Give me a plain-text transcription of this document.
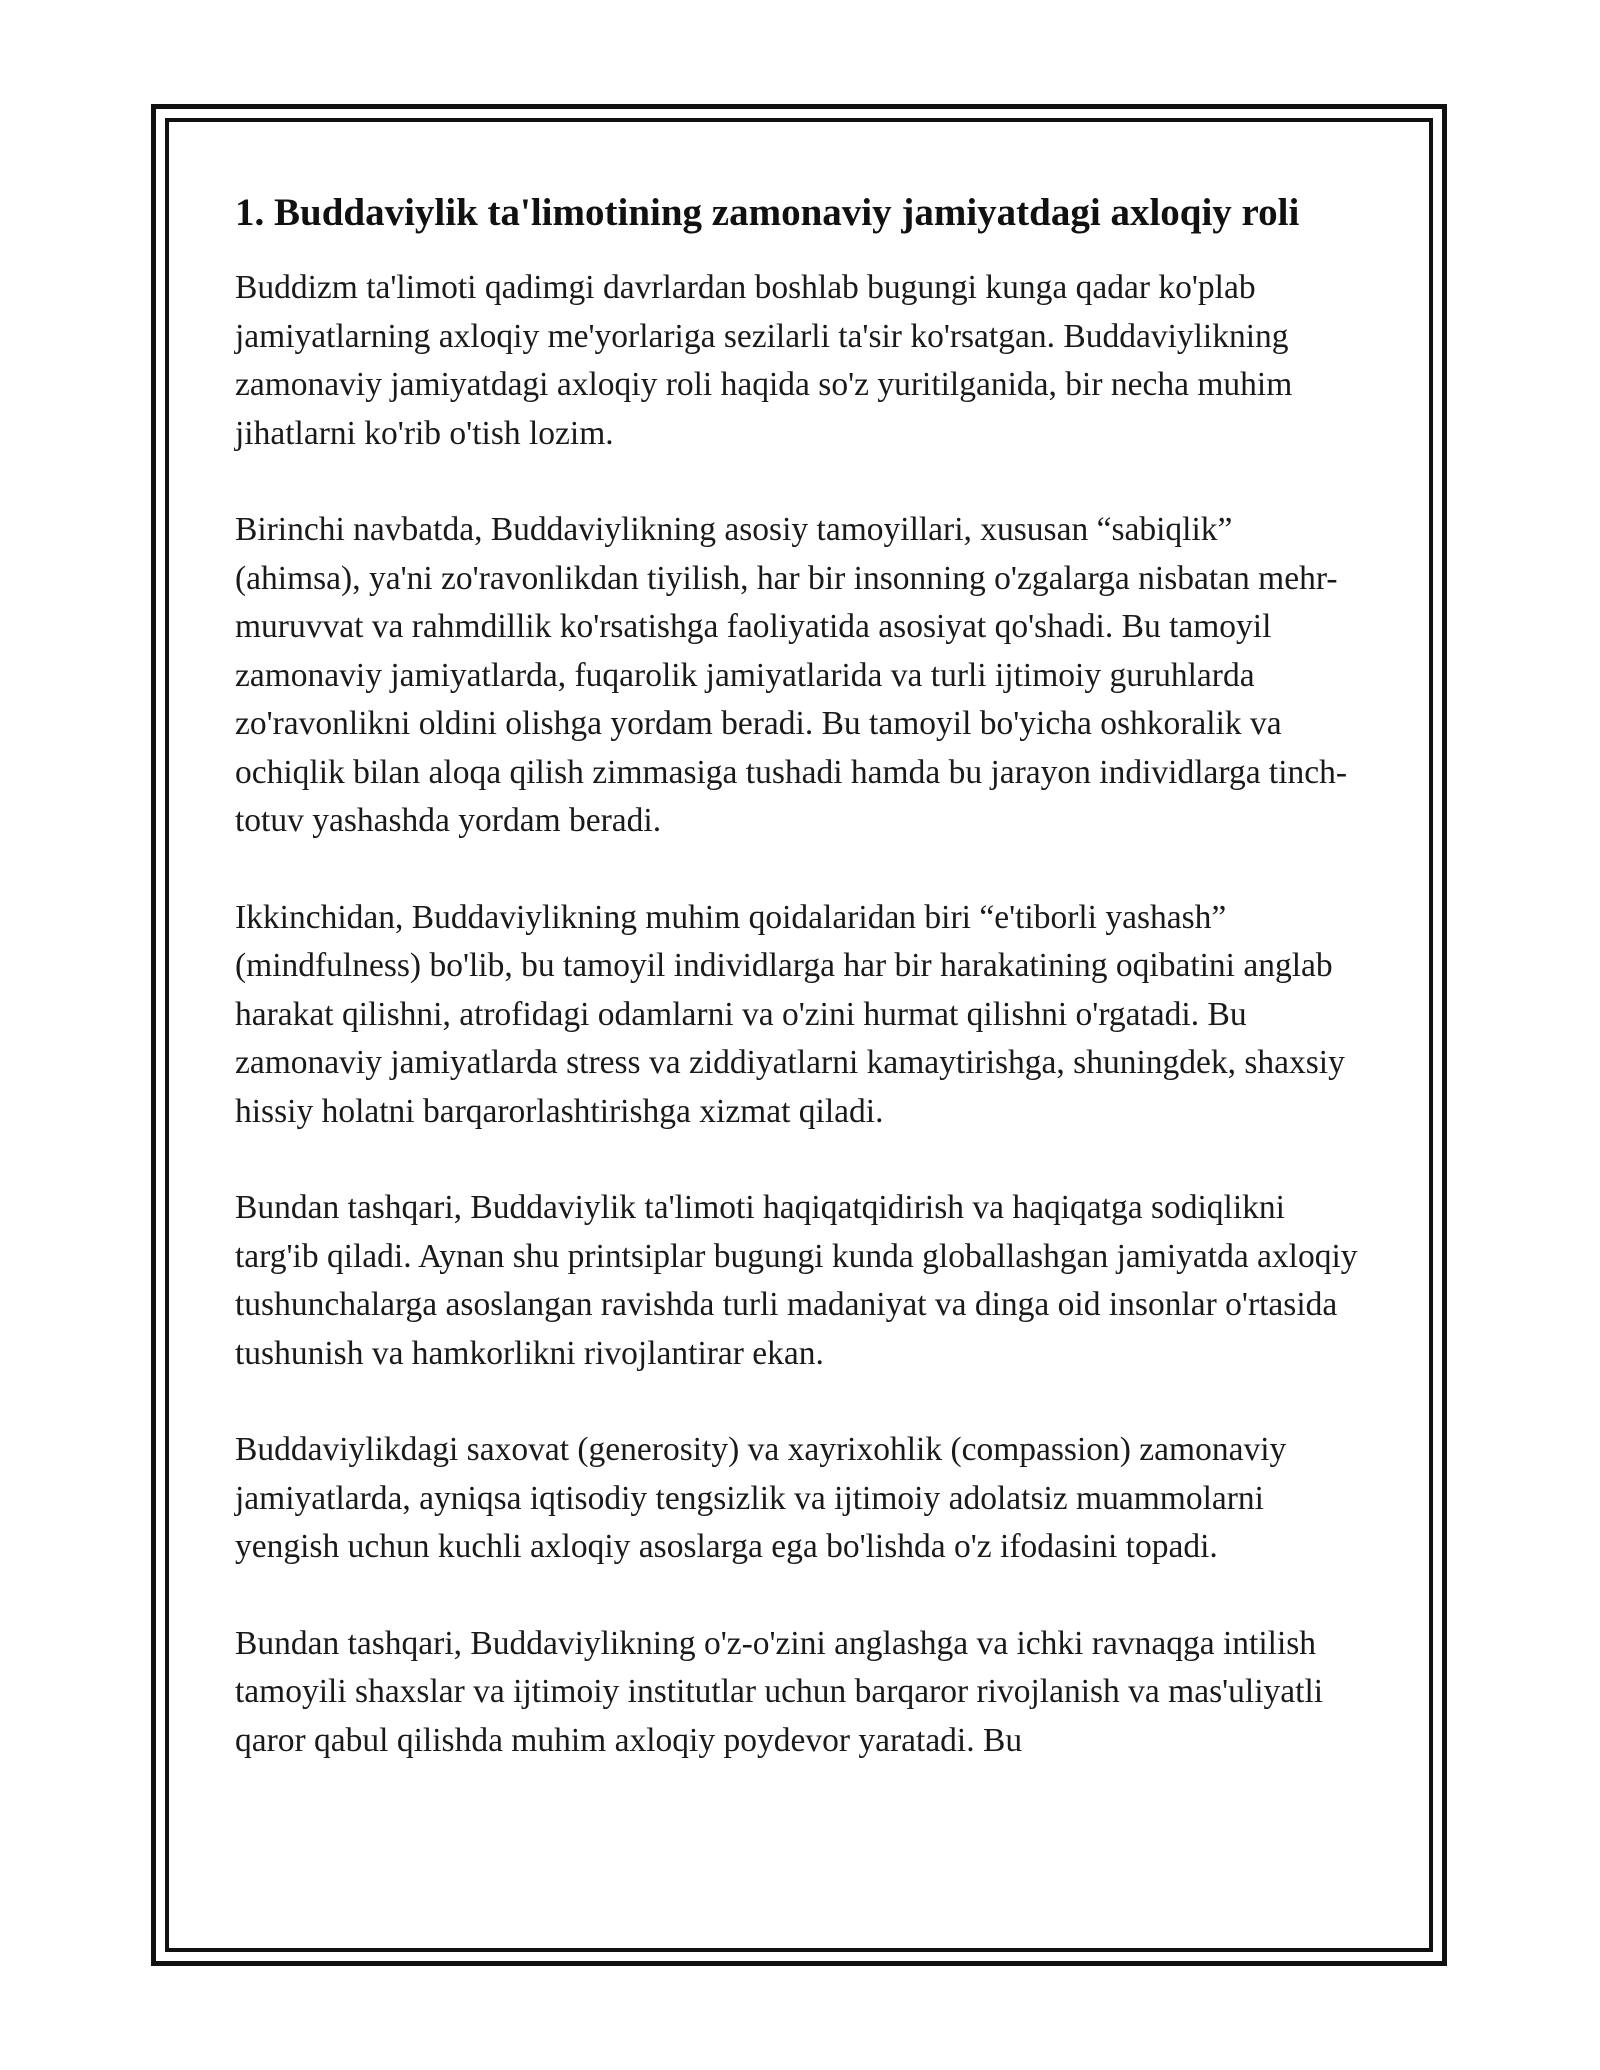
1. Buddaviylik ta'limotining zamonaviy jamiyatdagi axloqiy roli

Buddizm ta'limoti qadimgi davrlardan boshlab bugungi kunga qadar ko'plab jamiyatlarning axloqiy me'yorlariga sezilarli ta'sir ko'rsatgan. Buddaviylikning zamonaviy jamiyatdagi axloqiy roli haqida so'z yuritilganida, bir necha muhim jihatlarni ko'rib o'tish lozim.

Birinchi navbatda, Buddaviylikning asosiy tamoyillari, xususan “sabiqlik” (ahimsa), ya'ni zo'ravonlikdan tiyilish, har bir insonning o'zgalarga nisbatan mehr-muruvvat va rahmdillik ko'rsatishga faoliyatida asosiyat qo'shadi. Bu tamoyil zamonaviy jamiyatlarda, fuqarolik jamiyatlarida va turli ijtimoiy guruhlarda zo'ravonlikni oldini olishga yordam beradi. Bu tamoyil bo'yicha oshkoralik va ochiqlik bilan aloqa qilish zimmasiga tushadi hamda bu jarayon individlarga tinch-totuv yashashda yordam beradi.

Ikkinchidan, Buddaviylikning muhim qoidalaridan biri “e'tiborli yashash” (mindfulness) bo'lib, bu tamoyil individlarga har bir harakatining oqibatini anglab harakat qilishni, atrofidagi odamlarni va o'zini hurmat qilishni o'rgatadi. Bu zamonaviy jamiyatlarda stress va ziddiyatlarni kamaytirishga, shuningdek, shaxsiy hissiy holatni barqarorlashtirishga xizmat qiladi.

Bundan tashqari, Buddaviylik ta'limoti haqiqatqidirish va haqiqatga sodiqlikni targ'ib qiladi. Aynan shu printsiplar bugungi kunda globallashgan jamiyatda axloqiy tushunchalarga asoslangan ravishda turli madaniyat va dinga oid insonlar o'rtasida tushunish va hamkorlikni rivojlantirar ekan.

Buddaviylikdagi saxovat (generosity) va xayrixohlik (compassion) zamonaviy jamiyatlarda, ayniqsa iqtisodiy tengsizlik va ijtimoiy adolatsiz muammolarni yengish uchun kuchli axloqiy asoslarga ega bo'lishda o'z ifodasini topadi.

Bundan tashqari, Buddaviylikning o'z-o'zini anglashga va ichki ravnaqga intilish tamoyili shaxslar va ijtimoiy institutlar uchun barqaror rivojlanish va mas'uliyatli qaror qabul qilishda muhim axloqiy poydevor yaratadi. Bu
